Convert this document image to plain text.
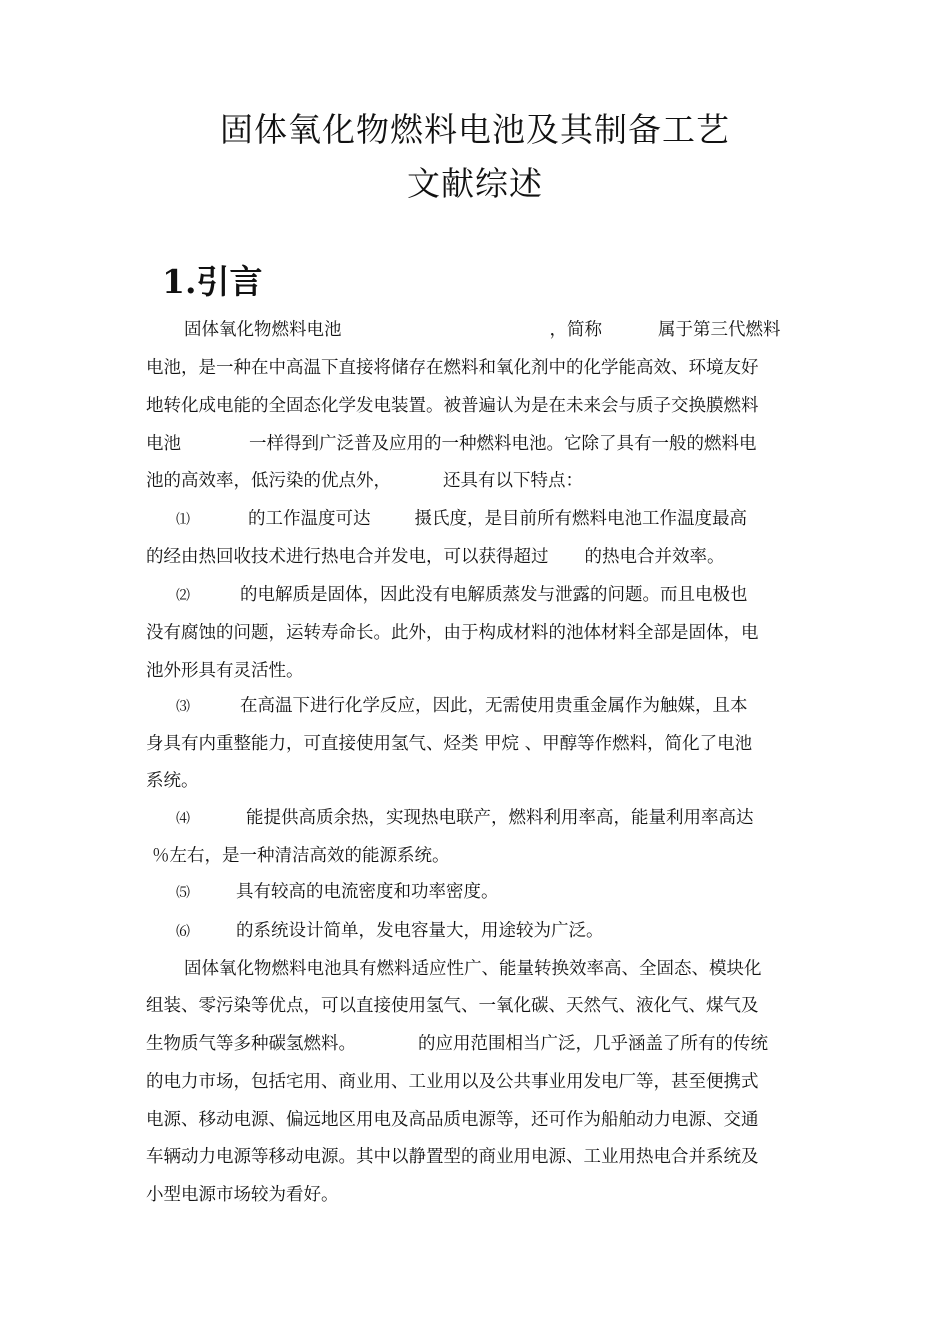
固体氧化物燃料电池及其制备工艺
文献综述
1.引言

固体氧化物燃料电池	，简称	属于第三代燃料

电池，是一种在中高温下直接将储存在燃料和氧化剂中的化学能高效、环境友好

地转化成电能的全固态化学发电装置。被普遍认为是在未来会与质子交换膜燃料

电池	一样得到广泛普及应用的一种燃料电池。它除了具有一般的燃料电

池的高效率，低污染的优点外，	还具有以下特点：

⑴	的工作温度可达	摄氏度，是目前所有燃料电池工作温度最高

的经由热回收技术进行热电合并发电，可以获得超过 的热电合并效率。

⑵	的电解质是固体，因此没有电解质蒸发与泄露的问题。而且电极也

没有腐蚀的问题，运转寿命长。此外，由于构成材料的池体材料全部是固体，电

池外形具有灵活性。

⑶	在高温下进行化学反应，因此，无需使用贵重金属作为触媒，且本

身具有内重整能力，可直接使用氢气、烃类 甲烷 、甲醇等作燃料，简化了电池

系统。

⑷	能提供高质余热，实现热电联产，燃料利用率高，能量利用率高达

％左右，是一种清洁高效的能源系统。

⑸	具有较高的电流密度和功率密度。

⑹	的系统设计简单，发电容量大，用途较为广泛。

固体氧化物燃料电池具有燃料适应性广、能量转换效率高、全固态、模块化

组装、零污染等优点，可以直接使用氢气、一氧化碳、天然气、液化气、煤气及

生物质气等多种碳氢燃料。	的应用范围相当广泛，几乎涵盖了所有的传统

的电力市场，包括宅用、商业用、工业用以及公共事业用发电厂等，甚至便携式

电源、移动电源、偏远地区用电及高品质电源等，还可作为船舶动力电源、交通

车辆动力电源等移动电源。其中以静置型的商业用电源、工业用热电合并系统及

小型电源市场较为看好。
